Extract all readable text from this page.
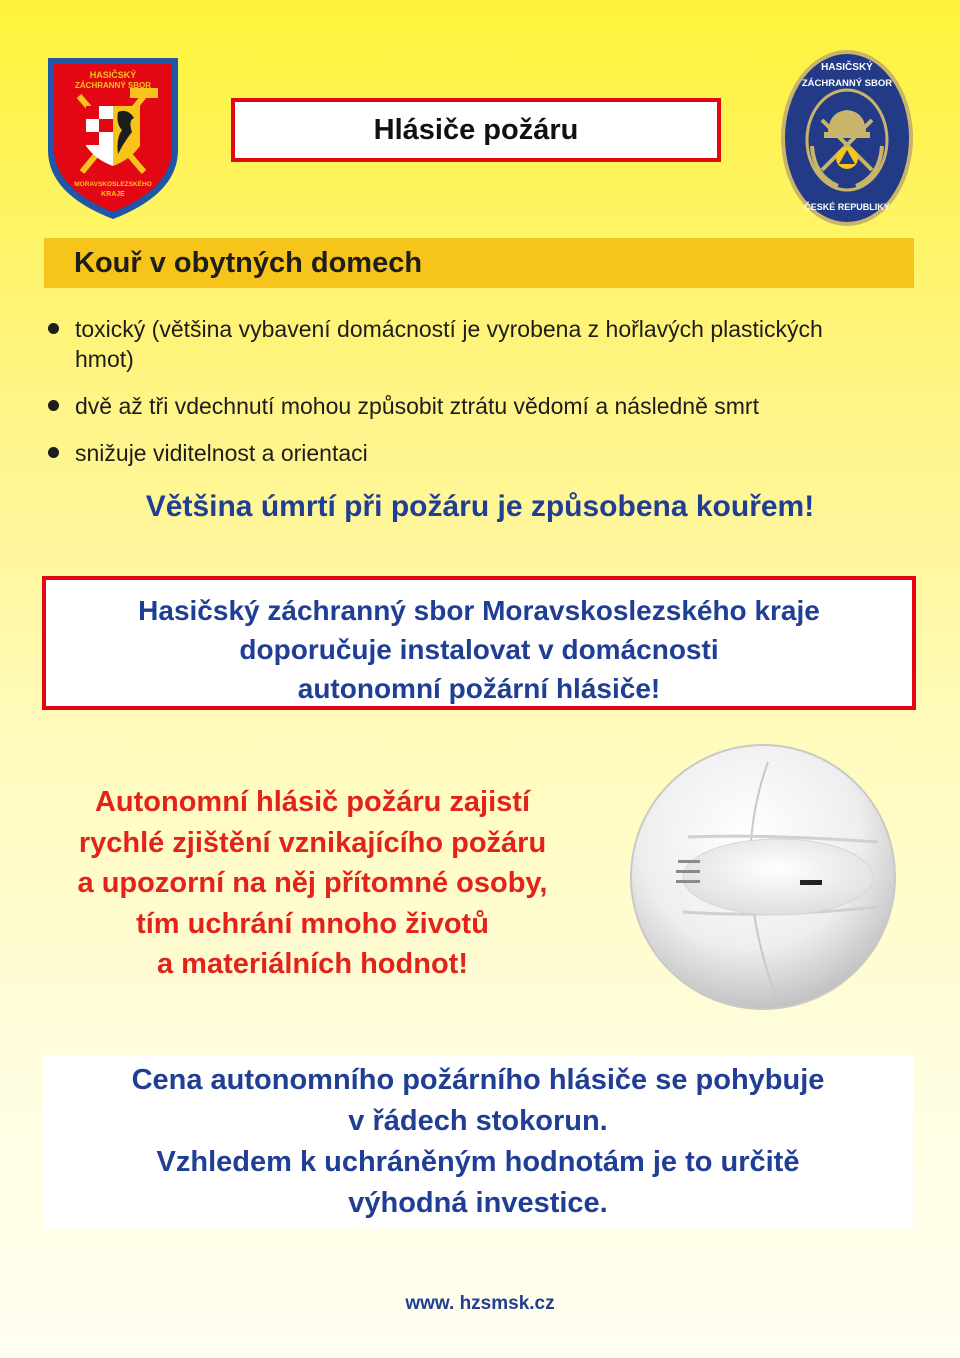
HASIČSKÝ
ZÁCHRANNÝ SBOR
MORAVSKOSLEZSKÉHO
KRAJE
Hlásiče požáru
HASIČSKÝ
ZÁCHRANNÝ SBOR
ČESKÉ REPUBLIKY
Kouř v obytných domech
toxický (většina vybavení domácností je vyrobena z hořlavých plastických hmot)
dvě až tři vdechnutí mohou způsobit ztrátu vědomí a následně smrt
snižuje viditelnost a orientaci
Většina úmrtí při požáru je způsobena kouřem!
Hasičský záchranný sbor Moravskoslezského kraje
doporučuje instalovat v domácnosti
autonomní požární hlásiče!
Autonomní hlásič požáru zajistí
rychlé zjištění vznikajícího požáru
a upozorní na něj přítomné osoby,
tím uchrání mnoho životů
a materiálních hodnot!
Cena autonomního požárního hlásiče se pohybuje
v řádech stokorun.
Vzhledem k uchráněným hodnotám je to určitě
výhodná investice.
www. hzsmsk.cz
